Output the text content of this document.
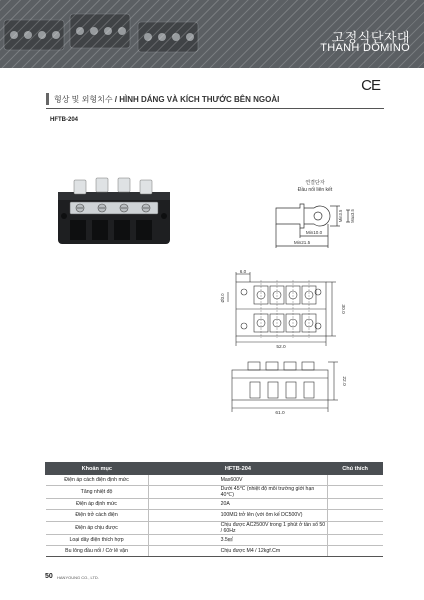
고정식단자대
THANH DOMINO
CE
형상 및 외형치수 / HÌNH DÁNG VÀ KÍCH THƯỚC BÊN NGOÀI
HFTB-204
연결단자
Đầu nối liên kết
Min10.0
Min21.5
Min3.5 Max3.5
6.0
Ø3.0
52.0
30.0
61.0
22.0
Khoản mục	HFTB-204	Chú thích
Điện áp cách điện định mức	Max600V	
Tăng nhiệt độ	Dưới 45℃ (nhiệt độ môi trường giới hạn 40℃)	
Điện áp định mức	20A	
Điện trở cách điện	100MΩ trở lên (với ôm kế DC500V)	
Điện áp chịu được	Chịu được AC2500V trong 1 phút ở tần số 50 / 60Hz	
Loại dây điện thích hợp	3.5㎟	
Bu lông đầu nối / Cờ lê vặn	Chịu được M4 / 12kgf.Cm	
50 HANYOUNG CO., LTD.
